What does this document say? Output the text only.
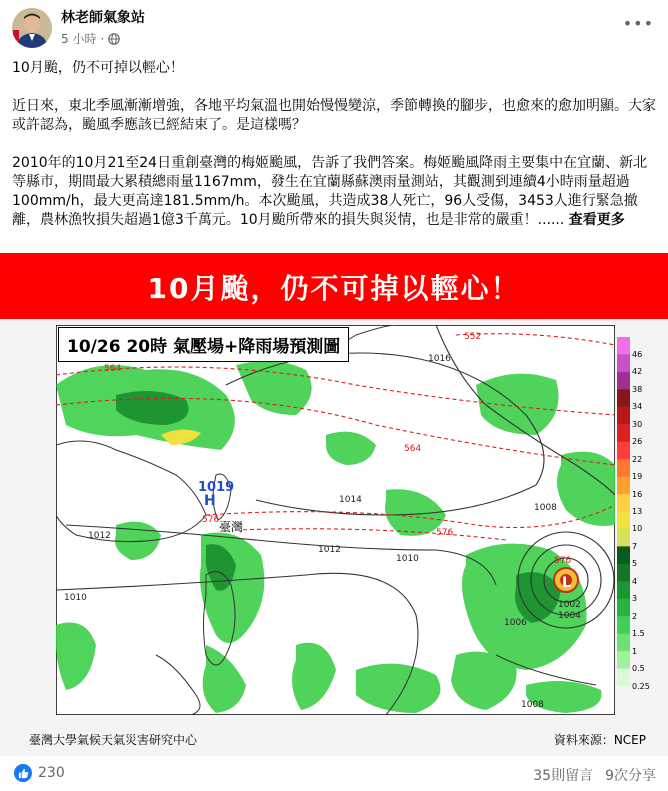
林老師氣象站
5 小時 ·
•••

10月颱，仍不可掉以輕心！

近日來，東北季風漸漸增強，各地平均氣溫也開始慢慢變涼，季節轉換的腳步，也愈來的愈加明顯。大家或許認為，颱風季應該已經結束了。是這樣嗎？

2010年的10月21至24日重創臺灣的梅姬颱風，告訴了我們答案。梅姬颱風降雨主要集中在宜蘭、新北等縣市，期間最大累積總雨量1167mm，發生在宜蘭縣蘇澳雨量測站，其觀測到連續4小時雨量超過100mm/h，最大更高達181.5mm/h。本次颱風，共造成38人死亡，96人受傷，3453人進行緊急撤離，農林漁牧損失超過1億3千萬元。10月颱所帶來的損失與災情，也是非常的嚴重！...... 查看更多

10月颱，仍不可掉以輕心！
L
1019
H
臺灣
1016
1014
1012
1012
1010
1010
1008
1006
1004
1002
1008
552
564
564
576
576
576
10/26 20時 氣壓場+降雨場預測圖	46
42
38
34
30
26
22
19
16
13
10
7
5
4
3
2
1.5
1
0.5
0.25
臺灣大學氣候天氣災害研究中心	資料來源：NCEP
230	35則留言 9次分享
